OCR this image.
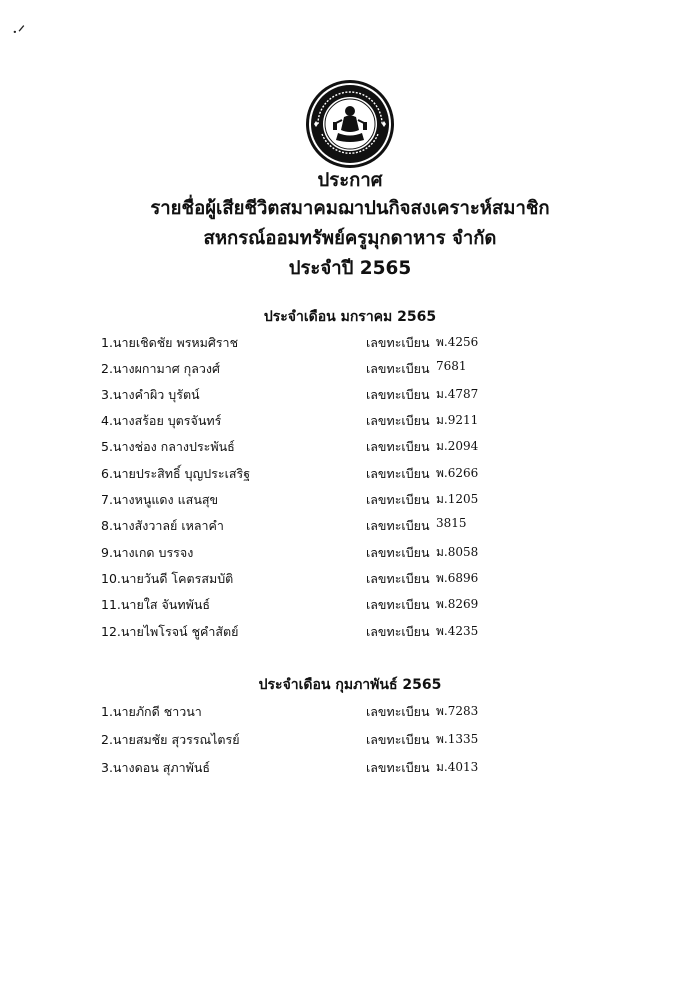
·ᐟ
ประกาศ
รายชื่อผู้เสียชีวิตสมาคมฌาปนกิจสงเคราะห์สมาชิก
สหกรณ์ออมทรัพย์ครูมุกดาหาร จำกัด
ประจำปี 2565
ประจำเดือน มกราคม 2565
1.นายเชิดชัย พรหมศิราช	เลขทะเบียน พ.4256
2.นางผกามาศ กุลวงศ์	เลขทะเบียน 7681
3.นางคำผิว บุรัตน์	เลขทะเบียน ม.4787
4.นางสร้อย บุตรจันทร์	เลขทะเบียน ม.9211
5.นางช่อง กลางประพันธ์	เลขทะเบียน ม.2094
6.นายประสิทธิ์ บุญประเสริฐ	เลขทะเบียน พ.6266
7.นางหนูแดง แสนสุข	เลขทะเบียน ม.1205
8.นางสังวาลย์ เหลาคำ	เลขทะเบียน 3815
9.นางเกด บรรจง	เลขทะเบียน ม.8058
10.นายวันดี โคตรสมบัติ	เลขทะเบียน พ.6896
11.นายใส จันทพันธ์	เลขทะเบียน พ.8269
12.นายไพโรจน์ ชูคำสัตย์	เลขทะเบียน พ.4235
ประจำเดือน กุมภาพันธ์ 2565
1.นายภักดี ชาวนา	เลขทะเบียน พ.7283
2.นายสมชัย สุวรรณไตรย์	เลขทะเบียน พ.1335
3.นางดอน สุภาพันธ์	เลขทะเบียน ม.4013
